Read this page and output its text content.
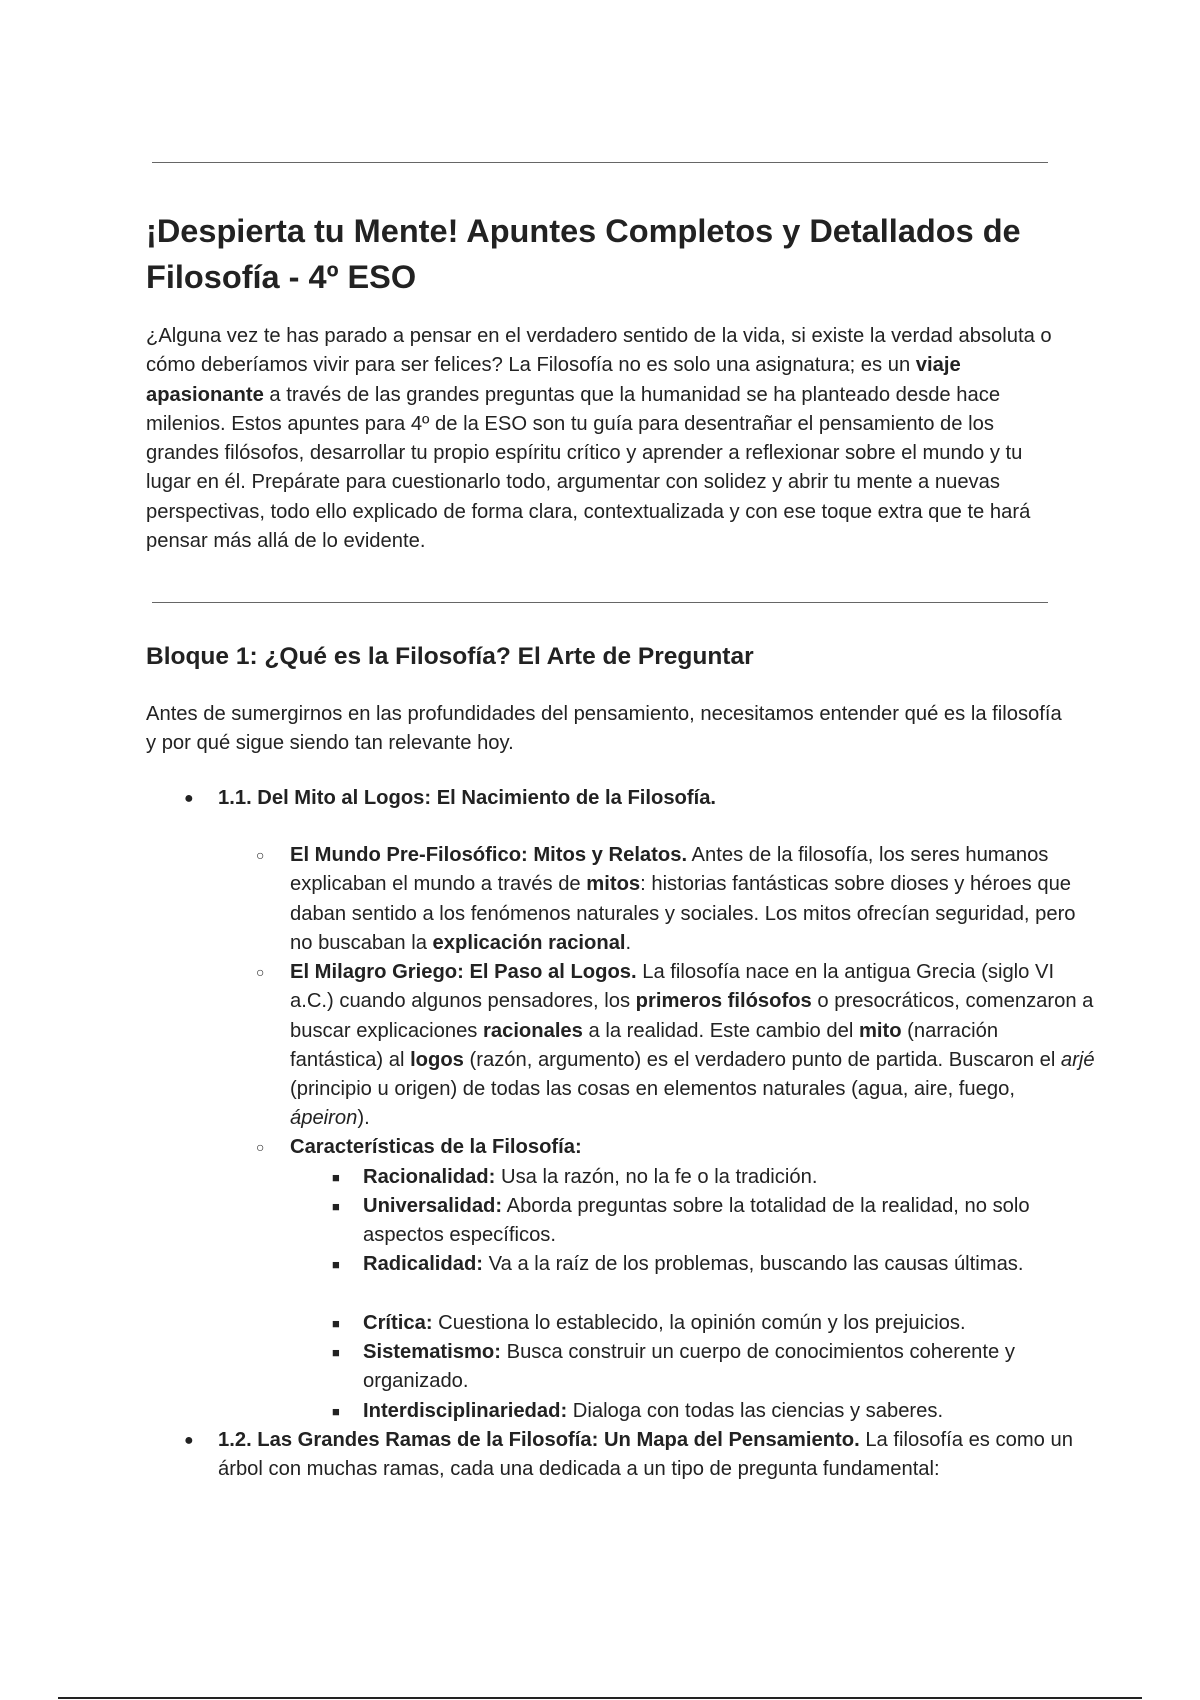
¡Despierta tu Mente! Apuntes Completos y Detallados de Filosofía - 4º ESO

¿Alguna vez te has parado a pensar en el verdadero sentido de la vida, si existe la verdad absoluta o cómo deberíamos vivir para ser felices? La Filosofía no es solo una asignatura; es un viaje apasionante a través de las grandes preguntas que la humanidad se ha planteado desde hace milenios. Estos apuntes para 4º de la ESO son tu guía para desentrañar el pensamiento de los grandes filósofos, desarrollar tu propio espíritu crítico y aprender a reflexionar sobre el mundo y tu lugar en él. Prepárate para cuestionarlo todo, argumentar con solidez y abrir tu mente a nuevas perspectivas, todo ello explicado de forma clara, contextualizada y con ese toque extra que te hará pensar más allá de lo evidente.

Bloque 1: ¿Qué es la Filosofía? El Arte de Preguntar

Antes de sumergirnos en las profundidades del pensamiento, necesitamos entender qué es la filosofía y por qué sigue siendo tan relevante hoy.

● 1.1. Del Mito al Logos: El Nacimiento de la Filosofía.
○ El Mundo Pre-Filosófico: Mitos y Relatos. Antes de la filosofía, los seres humanos explicaban el mundo a través de mitos: historias fantásticas sobre dioses y héroes que daban sentido a los fenómenos naturales y sociales. Los mitos ofrecían seguridad, pero no buscaban la explicación racional.
○ El Milagro Griego: El Paso al Logos. La filosofía nace en la antigua Grecia (siglo VI a.C.) cuando algunos pensadores, los primeros filósofos o presocráticos, comenzaron a buscar explicaciones racionales a la realidad. Este cambio del mito (narración fantástica) al logos (razón, argumento) es el verdadero punto de partida. Buscaron el arjé (principio u origen) de todas las cosas en elementos naturales (agua, aire, fuego, ápeiron).
○ Características de la Filosofía:
■ Racionalidad: Usa la razón, no la fe o la tradición.
■ Universalidad: Aborda preguntas sobre la totalidad de la realidad, no solo aspectos específicos.
■ Radicalidad: Va a la raíz de los problemas, buscando las causas últimas.
■ Crítica: Cuestiona lo establecido, la opinión común y los prejuicios.
■ Sistematismo: Busca construir un cuerpo de conocimientos coherente y organizado.
■ Interdisciplinariedad: Dialoga con todas las ciencias y saberes.
● 1.2. Las Grandes Ramas de la Filosofía: Un Mapa del Pensamiento. La filosofía es como un árbol con muchas ramas, cada una dedicada a un tipo de pregunta fundamental:
